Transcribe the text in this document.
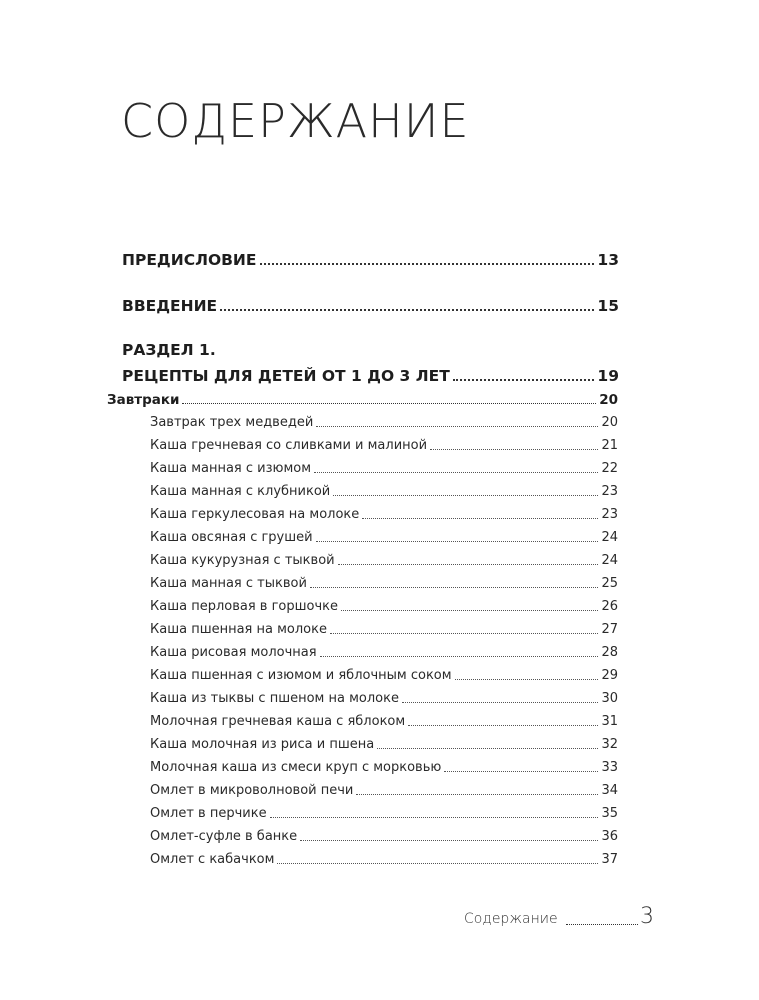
СОДЕРЖАНИЕ
ПРЕДИСЛОВИЕ	13
ВВЕДЕНИЕ	15
РАЗДЕЛ 1.
РЕЦЕПТЫ ДЛЯ ДЕТЕЙ ОТ 1 ДО 3 ЛЕТ	19
Завтраки	20
Завтрак трех медведей	20
Каша гречневая со сливками и малиной	21
Каша манная с изюмом	22
Каша манная с клубникой	23
Каша геркулесовая на молоке	23
Каша овсяная с грушей	24
Каша кукурузная с тыквой	24
Каша манная с тыквой	25
Каша перловая в горшочке	26
Каша пшенная на молоке	27
Каша рисовая молочная	28
Каша пшенная с изюмом и яблочным соком	29
Каша из тыквы с пшеном на молоке	30
Молочная гречневая каша с яблоком	31
Каша молочная из риса и пшена	32
Молочная каша из смеси круп с морковью	33
Омлет в микроволновой печи	34
Омлет в перчике	35
Омлет-суфле в банке	36
Омлет с кабачком	37
Содержание	3
